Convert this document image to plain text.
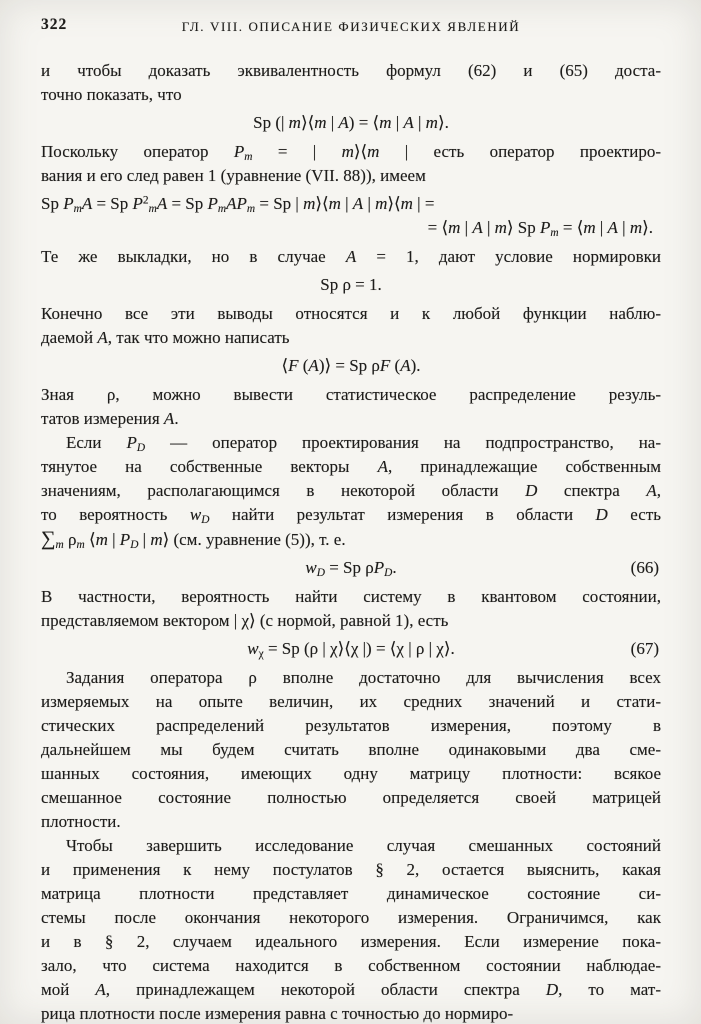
322	ГЛ. VIII. ОПИСАНИЕ ФИЗИЧЕСКИХ ЯВЛЕНИЙ
и чтобы доказать эквивалентность формул (62) и (65) доста-
точно показать, что
Sp (| m⟩⟨m | A) = ⟨m | A | m⟩.
Поскольку оператор $P_m$ = | m⟩⟨m | есть оператор проектиро-
вания и его след равен 1 (уравнение (VII. 88)), имеем
Sp $P_mA = Sp$ $P^2_mA = Sp$ $P_mAP_m = Sp$ | m⟩⟨m | A | m⟩⟨m | =
= ⟨m | A | m⟩ Sp $P_m$ = ⟨m | A | m⟩.
Те же выкладки, но в случае A = 1, дают условие нормировки
Sp ρ = 1.
Конечно все эти выводы относятся и к любой функции наблю-
даемой A, так что можно написать
⟨F (A)⟩ = Sp ρF (A).
Зная ρ, можно вывести статистическое распределение резуль-
татов измерения A.
Если $P_D$ — оператор проектирования на подпространство, на-
тянутое на собственные векторы A, принадлежащие собственным
значениям, располагающимся в некоторой области D спектра A,
то вероятность $w_D$ найти результат измерения в области D есть
$\sum_m$ $\rho_m$ ⟨m | $P_D$ | m⟩ (см. уравнение (5)), т. е.
$w_D = Sp$ $\rho P_D$.	(66)
В частности, вероятность найти систему в квантовом состоянии,
представляемом вектором | χ⟩ (с нормой, равной 1), есть
$w_\chi = Sp$ (ρ | χ⟩⟨χ |) = ⟨χ | ρ | χ⟩.	(67)
Задания оператора ρ вполне достаточно для вычисления всех
измеряемых на опыте величин, их средних значений и стати-
стических распределений результатов измерения, поэтому в
дальнейшем мы будем считать вполне одинаковыми два сме-
шанных состояния, имеющих одну матрицу плотности: всякое
смешанное состояние полностью определяется своей матрицей
плотности.
Чтобы завершить исследование случая смешанных состояний
и применения к нему постулатов § 2, остается выяснить, какая
матрица плотности представляет динамическое состояние си-
стемы после окончания некоторого измерения. Ограничимся, как
и в § 2, случаем идеального измерения. Если измерение пока-
зало, что система находится в собственном состоянии наблюдае-
мой A, принадлежащем некоторой области спектра D, то мат-
рица плотности после измерения равна с точностью до нормиро-
